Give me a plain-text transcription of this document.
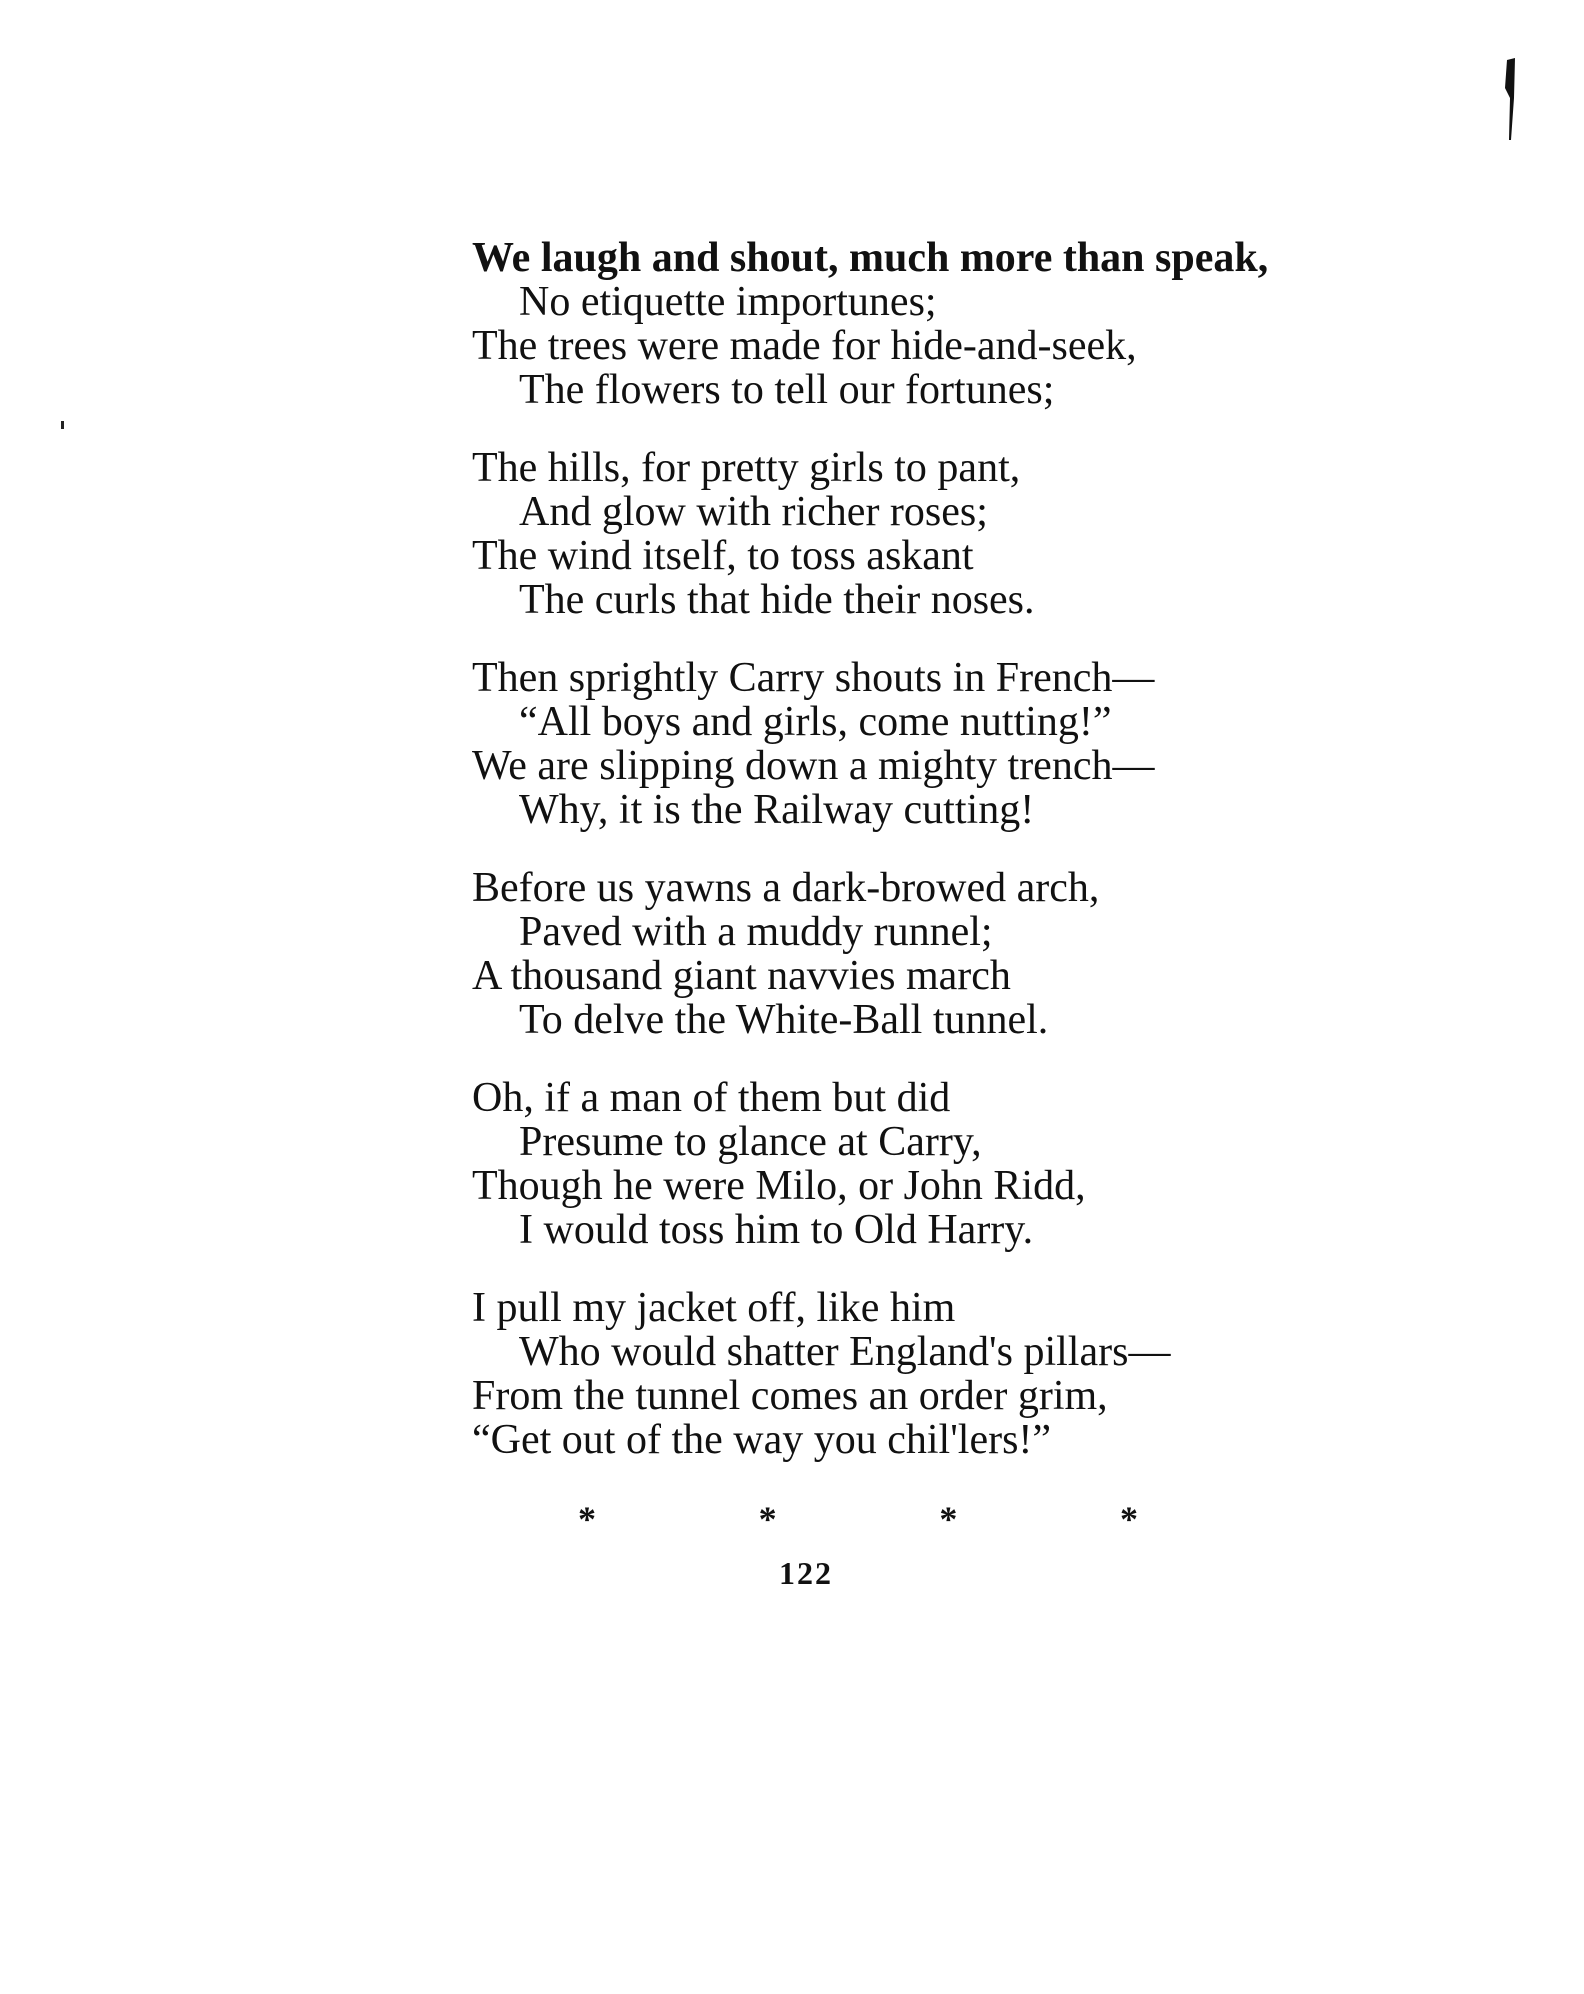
We laugh and shout, much more than speak,
No etiquette importunes;
The trees were made for hide-and-seek,
The flowers to tell our fortunes;
The hills, for pretty girls to pant,
And glow with richer roses;
The wind itself, to toss askant
The curls that hide their noses.
Then sprightly Carry shouts in French—
“All boys and girls, come nutting!”
We are slipping down a mighty trench—
Why, it is the Railway cutting!
Before us yawns a dark-browed arch,
Paved with a muddy runnel;
A thousand giant navvies march
To delve the White-Ball tunnel.
Oh, if a man of them but did
Presume to glance at Carry,
Though he were Milo, or John Ridd,
I would toss him to Old Harry.
I pull my jacket off, like him
Who would shatter England's pillars—
From the tunnel comes an order grim,
“Get out of the way you chil'lers!”
*	*	*	*
122
